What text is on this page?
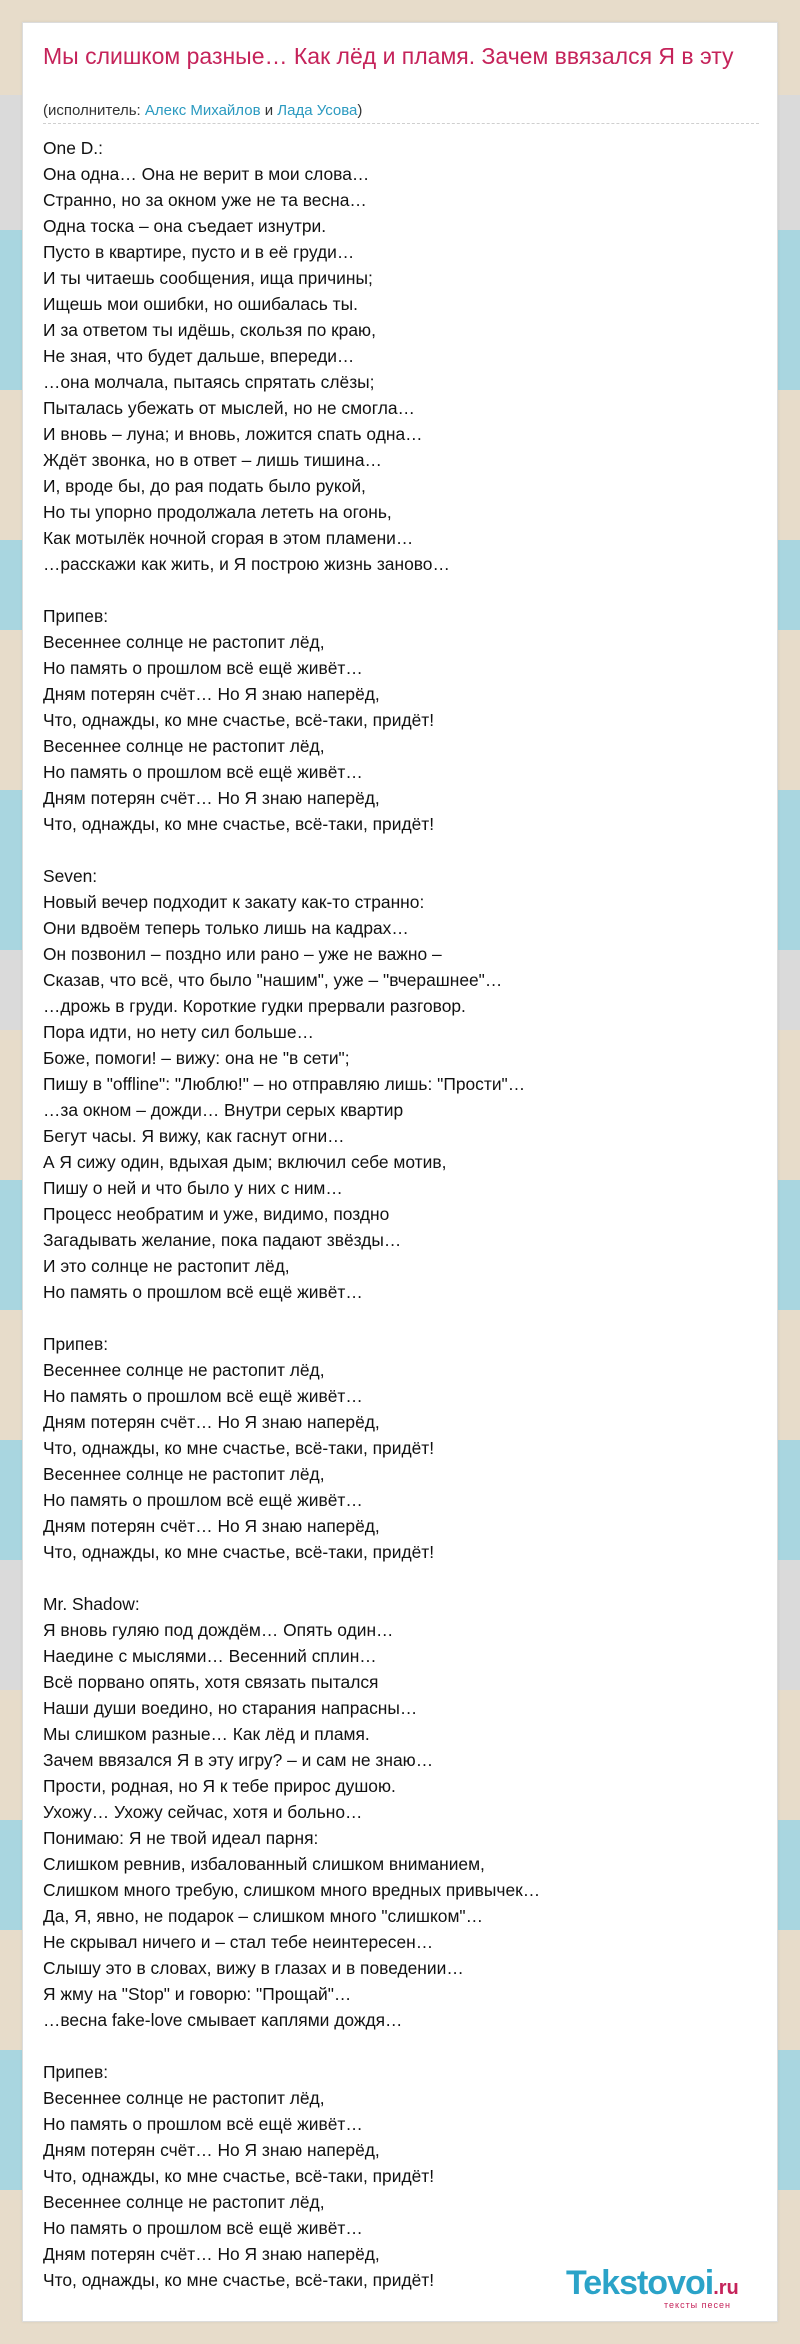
Мы слишком разные… Как лёд и пламя. Зачем ввязался Я в эту
(исполнитель: Алекс Михайлов и Лада Усова)
One D.:
Она одна… Она не верит в мои слова…
Странно, но за окном уже не та весна…
Одна тоска – она съедает изнутри.
Пусто в квартире, пусто и в её груди…
И ты читаешь сообщения, ища причины;
Ищешь мои ошибки, но ошибалась ты.
И за ответом ты идёшь, скользя по краю,
Не зная, что будет дальше, впереди…
…она молчала, пытаясь спрятать слёзы;
Пыталась убежать от мыслей, но не смогла…
И вновь – луна; и вновь, ложится спать одна…
Ждёт звонка, но в ответ – лишь тишина…
И, вроде бы, до рая подать было рукой,
Но ты упорно продолжала лететь на огонь,
Как мотылёк ночной сгорая в этом пламени…
…расскажи как жить, и Я построю жизнь заново…
Припев:
Весеннее солнце не растопит лёд,
Но память о прошлом всё ещё живёт…
Дням потерян счёт… Но Я знаю наперёд,
Что, однажды, ко мне счастье, всё-таки, придёт!
Весеннее солнце не растопит лёд,
Но память о прошлом всё ещё живёт…
Дням потерян счёт… Но Я знаю наперёд,
Что, однажды, ко мне счастье, всё-таки, придёт!
Seven:
Новый вечер подходит к закату как-то странно:
Они вдвоём теперь только лишь на кадрах…
Он позвонил – поздно или рано – уже не важно –
Сказав, что всё, что было "нашим", уже – "вчерашнее"…
…дрожь в груди. Короткие гудки прервали разговор.
Пора идти, но нету сил больше…
Боже, помоги! – вижу: она не "в сети";
Пишу в "offline": "Люблю!" – но отправляю лишь: "Прости"…
…за окном – дожди… Внутри серых квартир
Бегут часы. Я вижу, как гаснут огни…
А Я сижу один, вдыхая дым; включил себе мотив,
Пишу о ней и что было у них с ним…
Процесс необратим и уже, видимо, поздно
Загадывать желание, пока падают звёзды…
И это солнце не растопит лёд,
Но память о прошлом всё ещё живёт…
Припев:
Весеннее солнце не растопит лёд,
Но память о прошлом всё ещё живёт…
Дням потерян счёт… Но Я знаю наперёд,
Что, однажды, ко мне счастье, всё-таки, придёт!
Весеннее солнце не растопит лёд,
Но память о прошлом всё ещё живёт…
Дням потерян счёт… Но Я знаю наперёд,
Что, однажды, ко мне счастье, всё-таки, придёт!
Mr. Shadow:
Я вновь гуляю под дождём… Опять один…
Наедине с мыслями… Весенний сплин…
Всё порвано опять, хотя связать пытался
Наши души воедино, но старания напрасны…
Мы слишком разные… Как лёд и пламя.
Зачем ввязался Я в эту игру? – и сам не знаю…
Прости, родная, но Я к тебе прирос душою.
Ухожу… Ухожу сейчас, хотя и больно…
Понимаю: Я не твой идеал парня:
Слишком ревнив, избалованный слишком вниманием,
Слишком много требую, слишком много вредных привычек…
Да, Я, явно, не подарок – слишком много "слишком"…
Не скрывал ничего и – стал тебе неинтересен…
Слышу это в словах, вижу в глазах и в поведении…
Я жму на "Stop" и говорю: "Прощай"…
…весна fake-love смывает каплями дождя…
Припев:
Весеннее солнце не растопит лёд,
Но память о прошлом всё ещё живёт…
Дням потерян счёт… Но Я знаю наперёд,
Что, однажды, ко мне счастье, всё-таки, придёт!
Весеннее солнце не растопит лёд,
Но память о прошлом всё ещё живёт…
Дням потерян счёт… Но Я знаю наперёд,
Что, однажды, ко мне счастье, всё-таки, придёт!	Tekstovoi.ru
тексты песен
